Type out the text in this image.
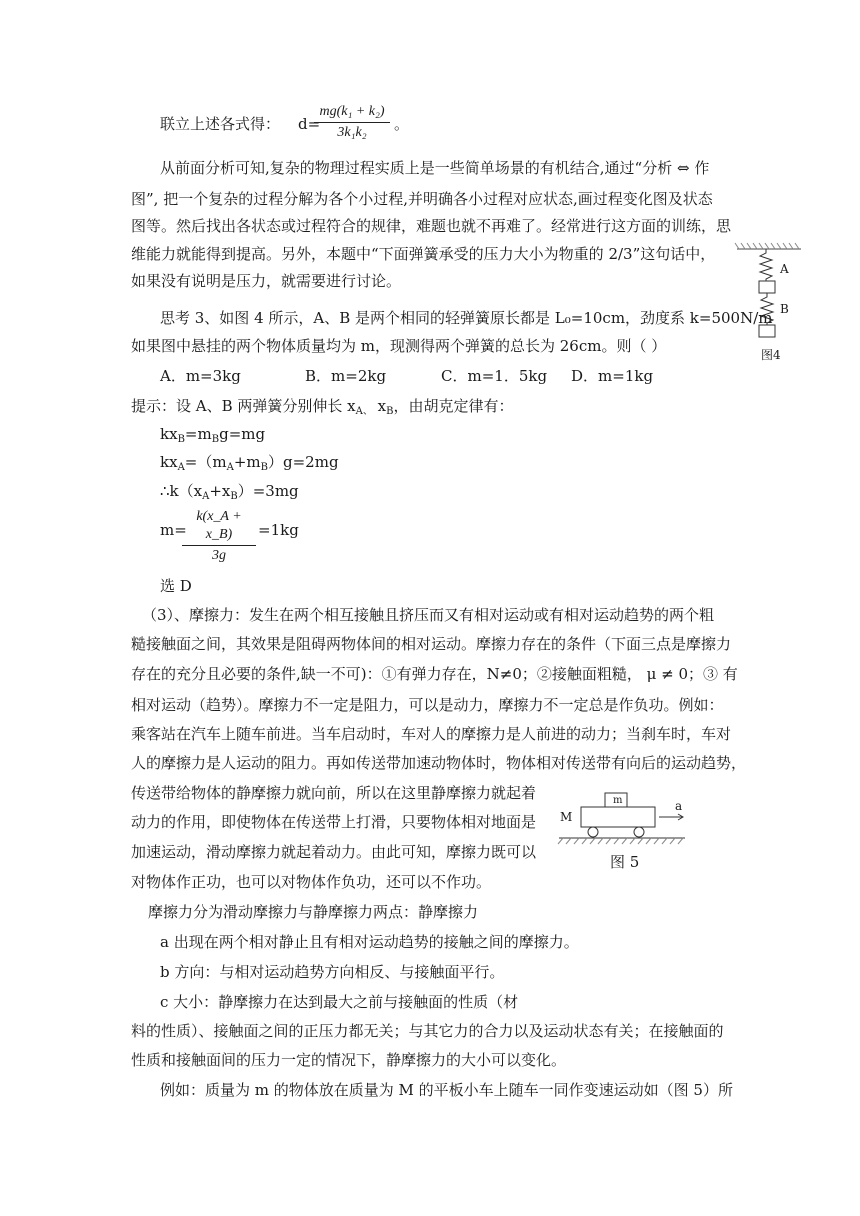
联立上述各式得： d=
mg(k₁ + k₂)
3k₁k₂	。
从前面分析可知,复杂的物理过程实质上是一些简单场景的有机结合,通过“分析 ⇔ 作
图”, 把一个复杂的过程分解为各个小过程,并明确各小过程对应状态,画过程变化图及状态
图等。然后找出各状态或过程符合的规律，难题也就不再难了。经常进行这方面的训练，思
维能力就能得到提高。另外，本题中“下面弹簧承受的压力大小为物重的 2/3”这句话中，
如果没有说明是压力，就需要进行讨论。
A
B
图4
思考 3、如图 4 所示，A、B 是两个相同的轻弹簧原长都是 L₀=10cm，劲度系 k=500N/m
如果图中悬挂的两个物体质量均为 m，现测得两个弹簧的总长为 26cm。则（ ）
A．m=3kg	B．m=2kg	C．m=1．5kg D．m=1kg
提示：设 A、B 两弹簧分别伸长 $x_{A、}$ $x_B$，由胡克定律有：
$kx_B=m_Bg=mg$
$kx_A=(m_A+m_B)g=2mg$
$\therefore k(x_A+x_B)=3mg$
m=
k(x_A + x_B)
3g
=1kg
选 D
（3）、摩擦力：发生在两个相互接触且挤压而又有相对运动或有相对运动趋势的两个粗
糙接触面之间，其效果是阻碍两物体间的相对运动。摩擦力存在的条件（下面三点是摩擦力
存在的充分且必要的条件,缺一不可)：①有弹力存在，N≠0；②接触面粗糙， μ ≠ 0；③ 有
相对运动（趋势）。摩擦力不一定是阻力，可以是动力，摩擦力不一定总是作负功。例如：
乘客站在汽车上随车前进。当车启动时，车对人的摩擦力是人前进的动力；当刹车时，车对
人的摩擦力是人运动的阻力。再如传送带加速动物体时，物体相对传送带有向后的运动趋势，
传送带给物体的静摩擦力就向前，所以在这里静摩擦力就起着
动力的作用，即使物体在传送带上打滑，只要物体相对地面是
加速运动，滑动摩擦力就起着动力。由此可知，摩擦力既可以
对物体作正功，也可以对物体作负功，还可以不作功。
m
M
a
图 5
摩擦力分为滑动摩擦力与静摩擦力两点：静摩擦力
a 出现在两个相对静止且有相对运动趋势的接触之间的摩擦力。
b 方向：与相对运动趋势方向相反、与接触面平行。
c 大小：静摩擦力在达到最大之前与接触面的性质（材
料的性质）、接触面之间的正压力都无关；与其它力的合力以及运动状态有关；在接触面的
性质和接触面间的压力一定的情况下，静摩擦力的大小可以变化。
例如：质量为 m 的物体放在质量为 M 的平板小车上随车一同作变速运动如（图 5）所
